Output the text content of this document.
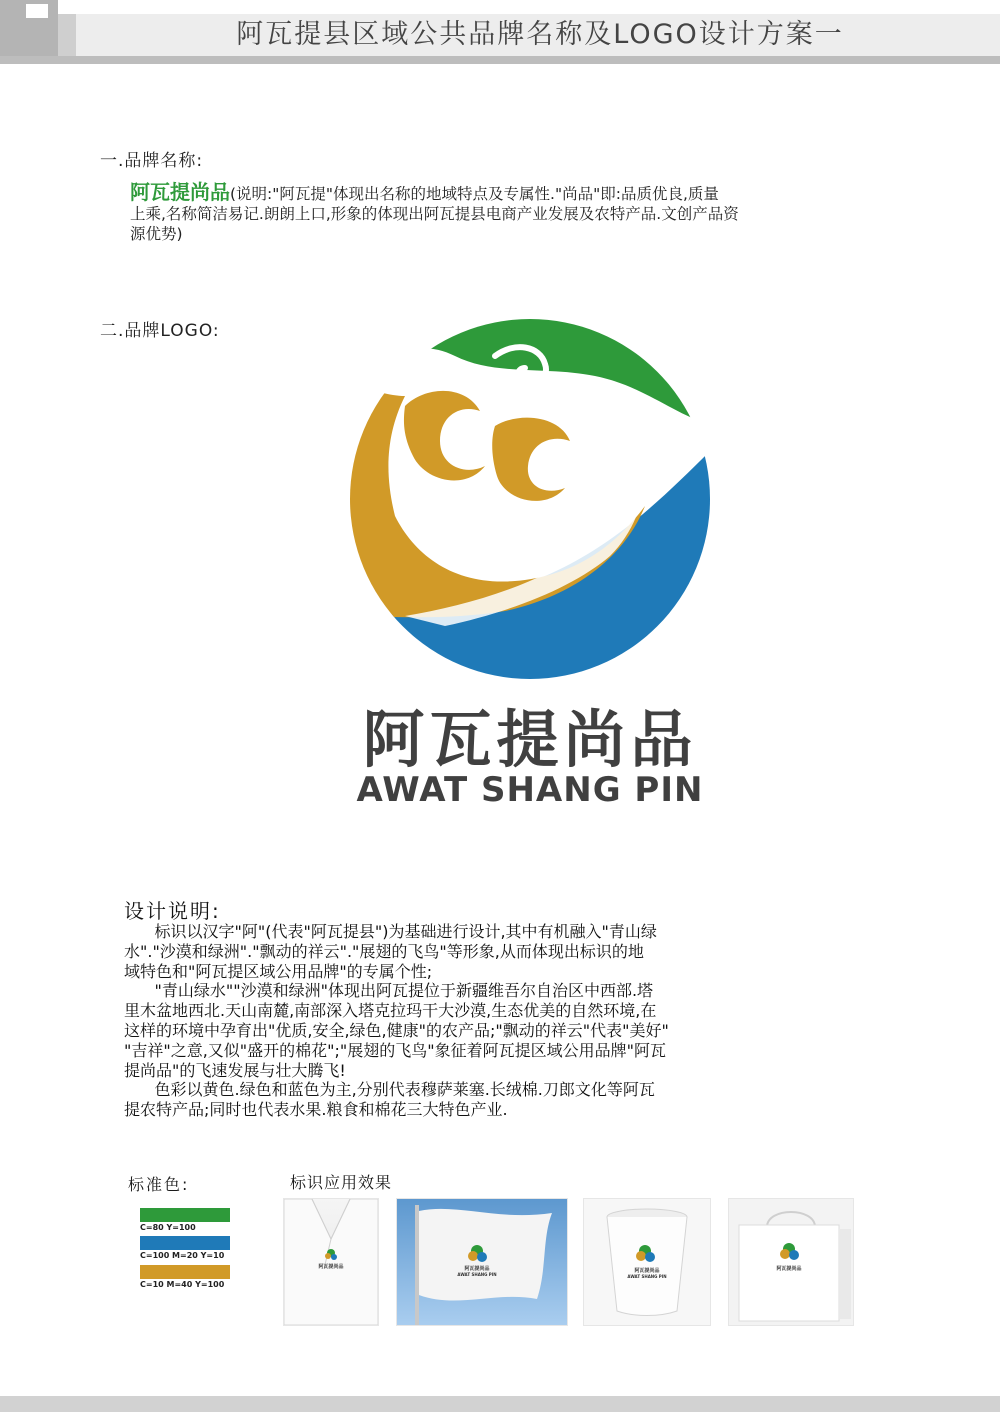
阿瓦提县区域公共品牌名称及LOGO设计方案一
一.品牌名称:
阿瓦提尚品(说明:"阿瓦提"体现出名称的地域特点及专属性."尚品"即:品质优良,质量
上乘,名称简洁易记.朗朗上口,形象的体现出阿瓦提县电商产业发展及农特产品.文创产品资
源优势)
二.品牌LOGO:
阿瓦提尚品
AWAT SHANG PIN
设计说明:
标识以汉字"阿"(代表"阿瓦提县")为基础进行设计,其中有机融入"青山绿
水"."沙漠和绿洲"."飘动的祥云"."展翅的飞鸟"等形象,从而体现出标识的地
域特色和"阿瓦提区域公用品牌"的专属个性;
"青山绿水""沙漠和绿洲"体现出阿瓦提位于新疆维吾尔自治区中西部.塔
里木盆地西北.天山南麓,南部深入塔克拉玛干大沙漠,生态优美的自然环境,在
这样的环境中孕育出"优质,安全,绿色,健康"的农产品;"飘动的祥云"代表"美好"
"吉祥"之意,又似"盛开的棉花";"展翅的飞鸟"象征着阿瓦提区域公用品牌"阿瓦
提尚品"的飞速发展与壮大腾飞!
色彩以黄色.绿色和蓝色为主,分别代表穆萨莱塞.长绒棉.刀郎文化等阿瓦
提农特产品;同时也代表水果.粮食和棉花三大特色产业.
标准色:
C=80 Y=100
C=100 M=20 Y=10
C=10 M=40 Y=100
标识应用效果
阿瓦提尚品	阿瓦提尚品
AWAT SHANG PIN
阿瓦提尚品
AWAT SHANG PIN
阿瓦提尚品
